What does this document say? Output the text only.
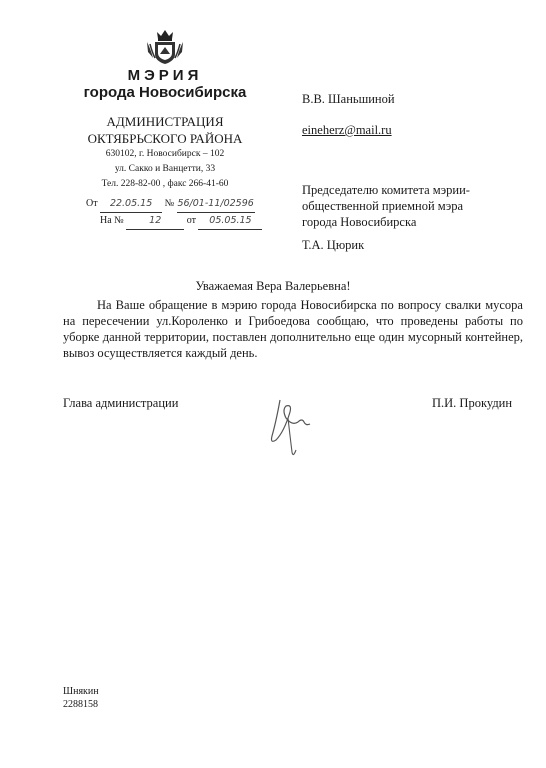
МЭРИЯ
города Новосибирска
АДМИНИСТРАЦИЯ
ОКТЯБРЬСКОГО РАЙОНА
630102, г. Новосибирск – 102
ул. Сакко и Ванцетти, 33
Тел. 228-82-00 , факс 266-41-60
От 22.05.15 № 56/01-11/02596
На №	12	от 05.05.15
В.В. Шаньшиной
eineherz@mail.ru
Председателю комитета мэрии-
общественной приемной мэра
города Новосибирска
Т.А. Цюрик
Уважаемая Вера Валерьевна!
На Ваше обращение в мэрию города Новосибирска по вопросу свалки мусора на пересечении ул.Короленко и Грибоедова сообщаю, что проведены работы по уборке данной территории, поставлен дополнительно еще один мусорный контейнер, вывоз осуществляется каждый день.
Глава администрации	П.И. Прокудин
Шнякин
2288158
